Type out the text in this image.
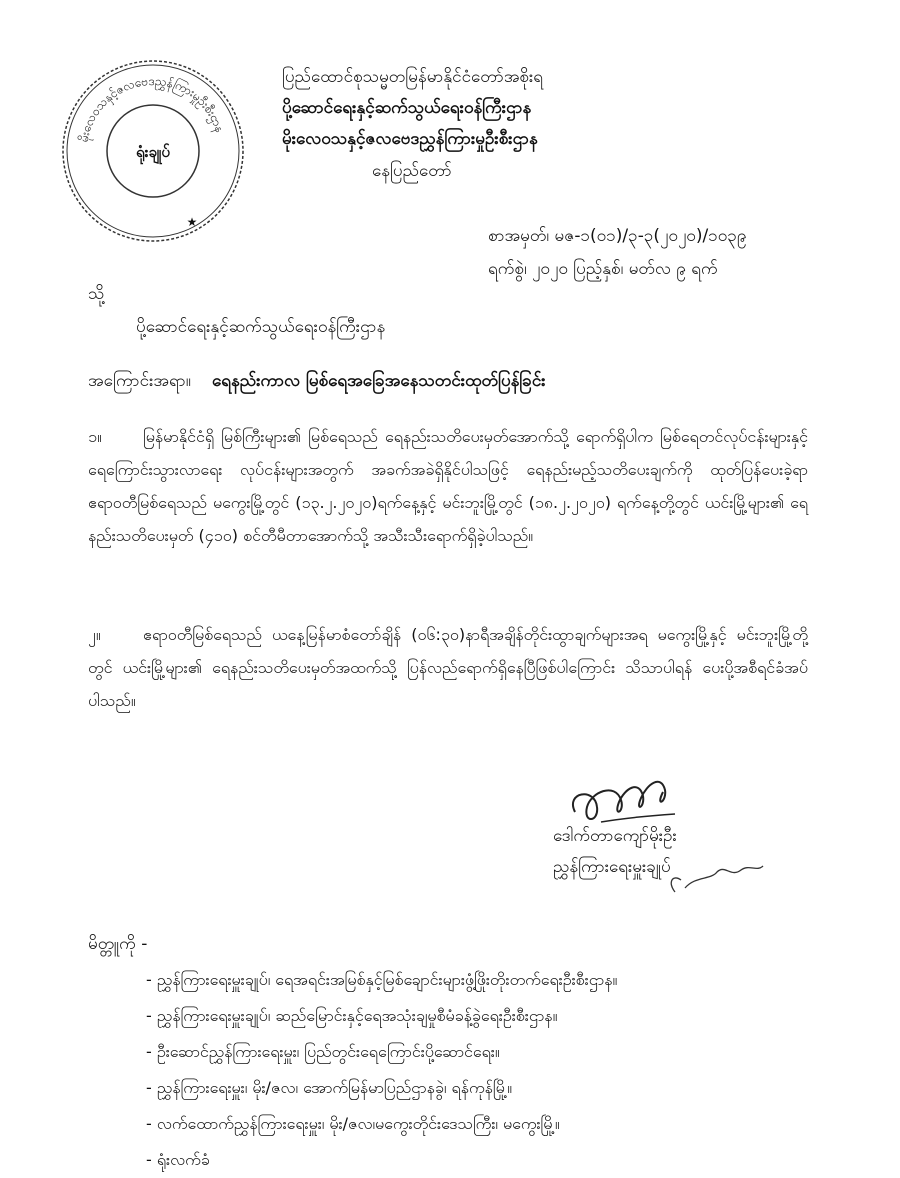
မိုးလေဝသနှင့်ဇလဗေဒညွှန်ကြားမှုဦးစီးဌာန
ရုံးချုပ်
★
ပြည်ထောင်စုသမ္မတမြန်မာနိုင်ငံတော်အစိုးရ
ပို့ဆောင်ရေးနှင့်ဆက်သွယ်ရေးဝန်ကြီးဌာန
မိုးလေဝသနှင့်ဇလဗေဒညွှန်ကြားမှုဦးစီးဌာန
နေပြည်တော်
စာအမှတ်၊ မဇ-၁(၀၁)/၃-၃(၂၀၂၀)/၁၀၃၉
ရက်စွဲ၊ ၂၀၂၀ ပြည့်နှစ်၊ မတ်လ ၉ ရက်
သို့
ပို့ဆောင်ရေးနှင့်ဆက်သွယ်ရေးဝန်ကြီးဌာန
အကြောင်းအရာ။ ရေနည်းကာလ မြစ်ရေအခြေအနေသတင်းထုတ်ပြန်ခြင်း
၁။	မြန်မာနိုင်ငံရှိ မြစ်ကြီးများ၏ မြစ်ရေသည် ရေနည်းသတိပေးမှတ်အောက်သို့ ရောက်ရှိပါက မြစ်ရေတင်လုပ်ငန်းများနှင့် ရေကြောင်းသွားလာရေး လုပ်ငန်းများအတွက် အခက်အခဲရှိနိုင်ပါသဖြင့် ရေနည်းမည့်သတိပေးချက်ကို ထုတ်ပြန်ပေးခဲ့ရာ ဧရာဝတီမြစ်ရေသည် မကွေးမြို့တွင် (၁၃.၂.၂၀၂၀)ရက်နေ့နှင့် မင်းဘူးမြို့တွင် (၁၈.၂.၂၀၂၀) ရက်နေ့တို့တွင် ယင်းမြို့များ၏ ရေနည်းသတိပေးမှတ် (၄၁၀) စင်တီမီတာအောက်သို့ အသီးသီးရောက်ရှိခဲ့ပါသည်။
၂။	ဧရာဝတီမြစ်ရေသည် ယနေ့မြန်မာစံတော်ချိန် (၀၆:၃၀)နာရီအချိန်တိုင်းထွာချက်များအရ မကွေးမြို့နှင့် မင်းဘူးမြို့တို့တွင် ယင်းမြို့များ၏ ရေနည်းသတိပေးမှတ်အထက်သို့ ပြန်လည်ရောက်ရှိနေပြီဖြစ်ပါကြောင်း သိသာပါရန် ပေးပို့အစီရင်ခံအပ်ပါသည်။
ဒေါက်တာကျော်မိုးဦး
ညွှန်ကြားရေးမှူးချုပ်
မိတ္တူကို -
- ညွှန်ကြားရေးမှူးချုပ်၊ ရေအရင်းအမြစ်နှင့်မြစ်ချောင်းများဖွံ့ဖြိုးတိုးတက်ရေးဦးစီးဌာန။
- ညွှန်ကြားရေးမှူးချုပ်၊ ဆည်မြောင်းနှင့်ရေအသုံးချမှုစီမံခန့်ခွဲရေးဦးစီးဌာန။
- ဦးဆောင်ညွှန်ကြားရေးမှူး၊ ပြည်တွင်းရေကြောင်းပို့ဆောင်ရေး။
- ညွှန်ကြားရေးမှူး၊ မိုး/ဇလ၊ အောက်မြန်မာပြည်ဌာနခွဲ၊ ရန်ကုန်မြို့။
- လက်ထောက်ညွှန်ကြားရေးမှူး၊ မိုး/ဇလ၊မကွေးတိုင်းဒေသကြီး၊ မကွေးမြို့။
- ရုံးလက်ခံ
